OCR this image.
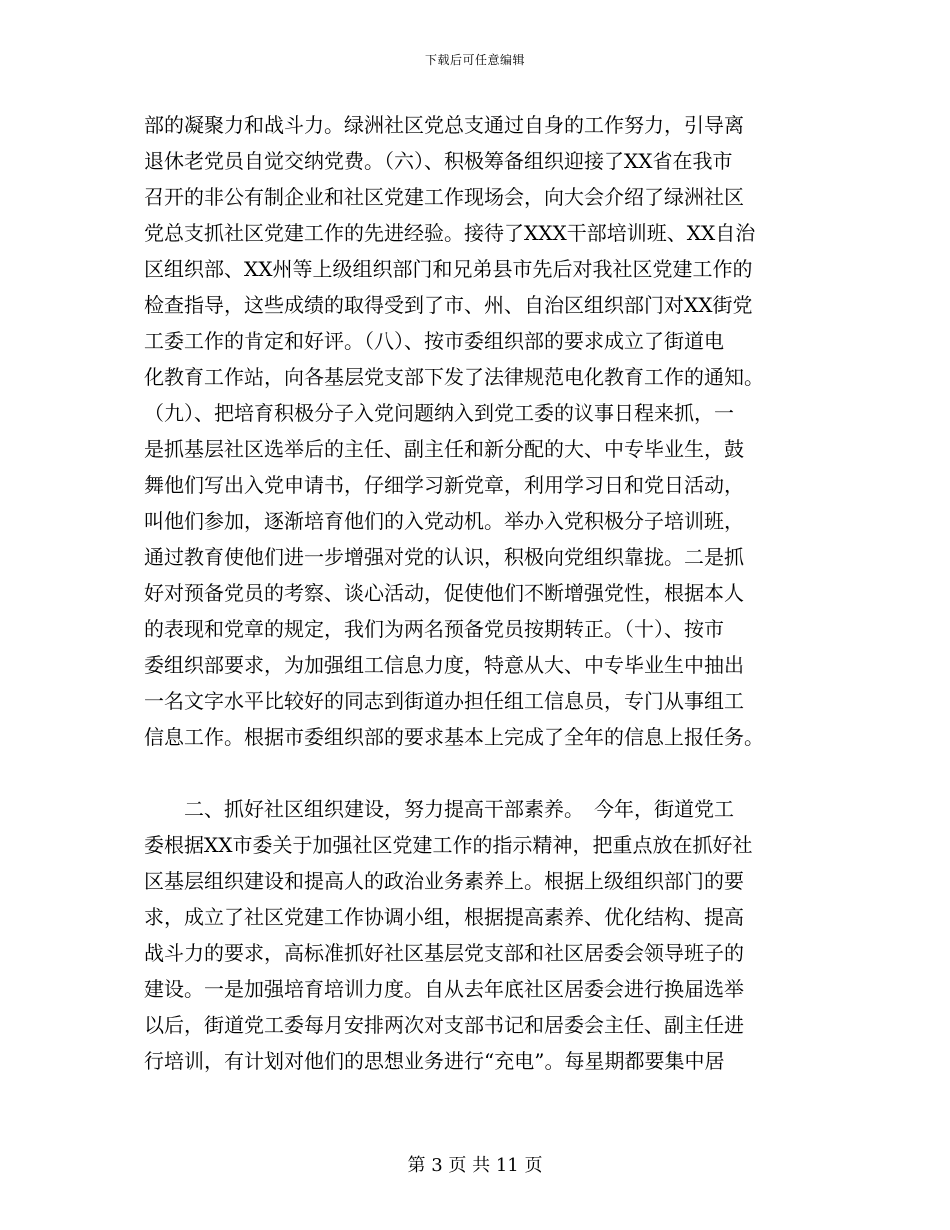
下载后可任意编辑
部的凝聚力和战斗力。绿洲社区党总支通过自身的工作努力，引导离
退休老党员自觉交纳党费。（六）、积极筹备组织迎接了XX省在我市
召开的非公有制企业和社区党建工作现场会，向大会介绍了绿洲社区
党总支抓社区党建工作的先进经验。接待了XXX干部培训班、XX自治
区组织部、XX州等上级组织部门和兄弟县市先后对我社区党建工作的
检查指导，这些成绩的取得受到了市、州、自治区组织部门对XX街党
工委工作的肯定和好评。（八）、按市委组织部的要求成立了街道电
化教育工作站，向各基层党支部下发了法律规范电化教育工作的通知。
（九）、把培育积极分子入党问题纳入到党工委的议事日程来抓，一
是抓基层社区选举后的主任、副主任和新分配的大、中专毕业生，鼓
舞他们写出入党申请书，仔细学习新党章，利用学习日和党日活动，
叫他们参加，逐渐培育他们的入党动机。举办入党积极分子培训班，
通过教育使他们进一步增强对党的认识，积极向党组织靠拢。二是抓
好对预备党员的考察、谈心活动，促使他们不断增强党性，根据本人
的表现和党章的规定，我们为两名预备党员按期转正。（十）、按市
委组织部要求，为加强组工信息力度，特意从大、中专毕业生中抽出
一名文字水平比较好的同志到街道办担任组工信息员，专门从事组工
信息工作。根据市委组织部的要求基本上完成了全年的信息上报任务。
　　二、抓好社区组织建设，努力提高干部素养。　今年，街道党工
委根据XX市委关于加强社区党建工作的指示精神，把重点放在抓好社
区基层组织建设和提高人的政治业务素养上。根据上级组织部门的要
求，成立了社区党建工作协调小组，根据提高素养、优化结构、提高
战斗力的要求，高标准抓好社区基层党支部和社区居委会领导班子的
建设。一是加强培育培训力度。自从去年底社区居委会进行换届选举
以后，街道党工委每月安排两次对支部书记和居委会主任、副主任进
行培训，有计划对他们的思想业务进行“充电”。每星期都要集中居
第 3 页 共 11 页
